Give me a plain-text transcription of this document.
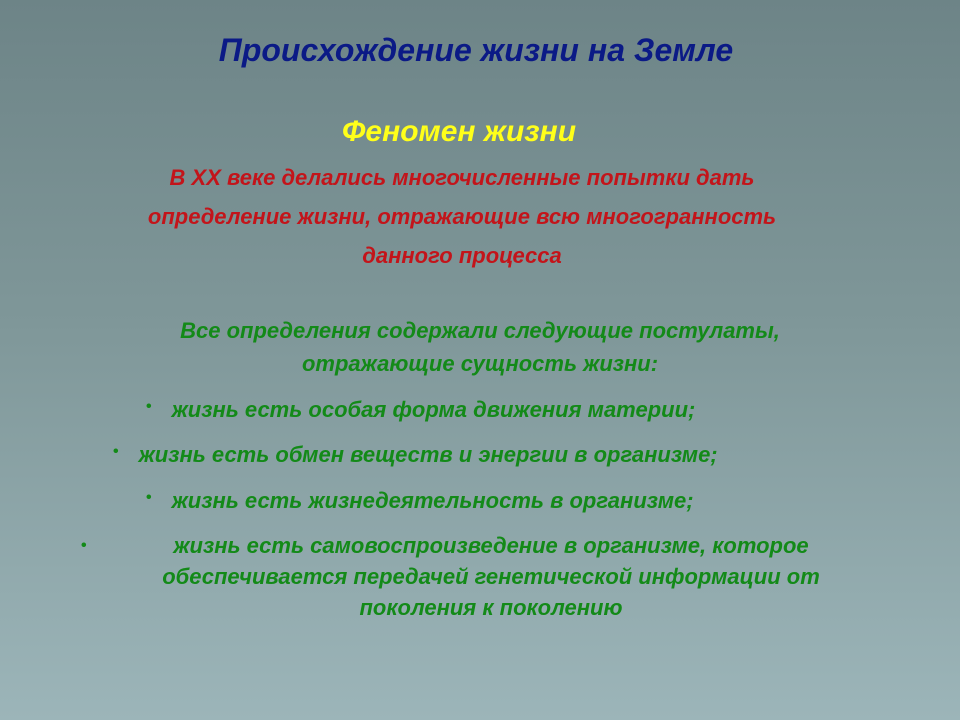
Происхождение жизни на Земле
Феномен жизни
В XX веке делались многочисленные попытки дать
определение жизни, отражающие всю многогранность
данного процесса
Все определения содержали следующие постулаты,
отражающие сущность жизни:
• жизнь есть особая форма движения материи;
• жизнь есть обмен веществ и энергии в организме;
• жизнь есть жизнедеятельность в организме;
•	жизнь есть самовоспроизведение в организме, которое
обеспечивается передачей генетической информации от
поколения к поколению
